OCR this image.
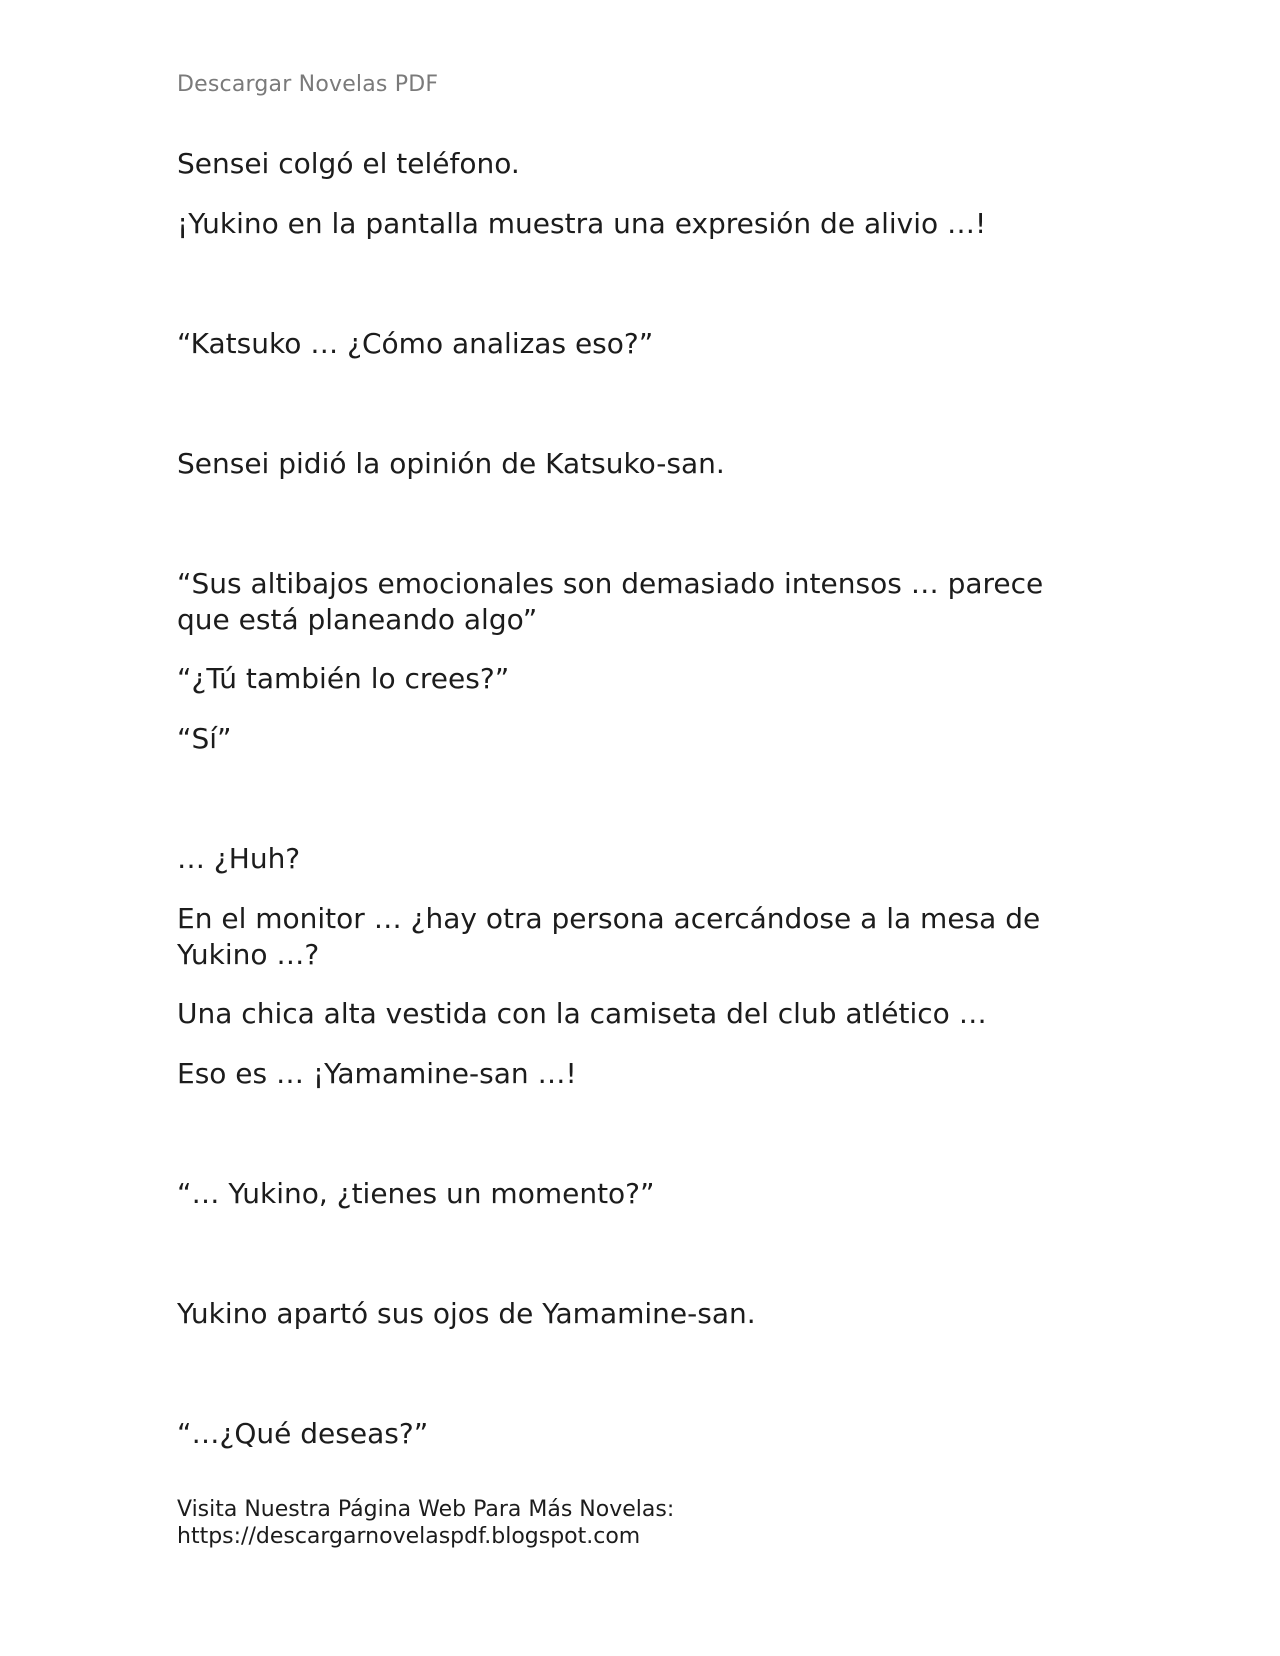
Descargar Novelas PDF
Sensei colgó el teléfono.
¡Yukino en la pantalla muestra una expresión de alivio …!
“Katsuko … ¿Cómo analizas eso?”
Sensei pidió la opinión de Katsuko-san.
“Sus altibajos emocionales son demasiado intensos … parece que está planeando algo”
“¿Tú también lo crees?”
“Sí”
… ¿Huh?
En el monitor … ¿hay otra persona acercándose a la mesa de Yukino …?
Una chica alta vestida con la camiseta del club atlético …
Eso es … ¡Yamamine-san …!
“… Yukino, ¿tienes un momento?”
Yukino apartó sus ojos de Yamamine-san.
“…¿Qué deseas?”
Visita Nuestra Página Web Para Más Novelas:
https://descargarnovelaspdf.blogspot.com
